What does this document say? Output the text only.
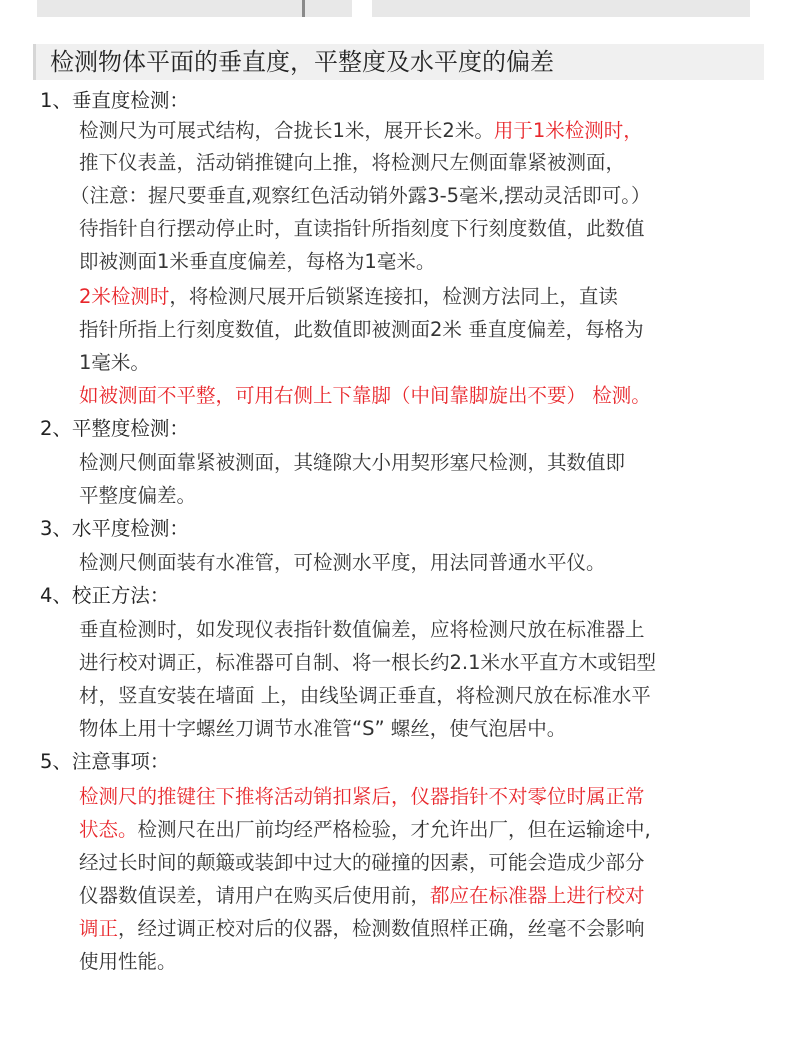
检测物体平面的垂直度，平整度及水平度的偏差
1、垂直度检测：
检测尺为可展式结构，合拢长1米，展开长2米。用于1米检测时，
推下仪表盖，活动销推键向上推，将检测尺左侧面靠紧被测面，
（注意：握尺要垂直,观察红色活动销外露3-5毫米,摆动灵活即可。）
待指针自行摆动停止时，直读指针所指刻度下行刻度数值，此数值
即被测面1米垂直度偏差，每格为1毫米。
2米检测时，将检测尺展开后锁紧连接扣，检测方法同上，直读
指针所指上行刻度数值，此数值即被测面2米 垂直度偏差，每格为
1毫米。
如被测面不平整，可用右侧上下靠脚（中间靠脚旋出不要） 检测。
2、平整度检测：
检测尺侧面靠紧被测面，其缝隙大小用契形塞尺检测，其数值即
平整度偏差。
3、水平度检测：
检测尺侧面装有水准管，可检测水平度，用法同普通水平仪。
4、校正方法：
垂直检测时，如发现仪表指针数值偏差，应将检测尺放在标准器上
进行校对调正，标准器可自制、将一根长约2.1米水平直方木或铝型
材，竖直安装在墙面 上，由线坠调正垂直，将检测尺放在标准水平
物体上用十字螺丝刀调节水准管“S” 螺丝，使气泡居中。
5、注意事项：
检测尺的推键往下推将活动销扣紧后，仪器指针不对零位时属正常
状态。检测尺在出厂前均经严格检验，才允许出厂，但在运输途中,
经过长时间的颠簸或装卸中过大的碰撞的因素，可能会造成少部分
仪器数值误差，请用户在购买后使用前，都应在标准器上进行校对
调正，经过调正校对后的仪器，检测数值照样正确，丝毫不会影响
使用性能。
